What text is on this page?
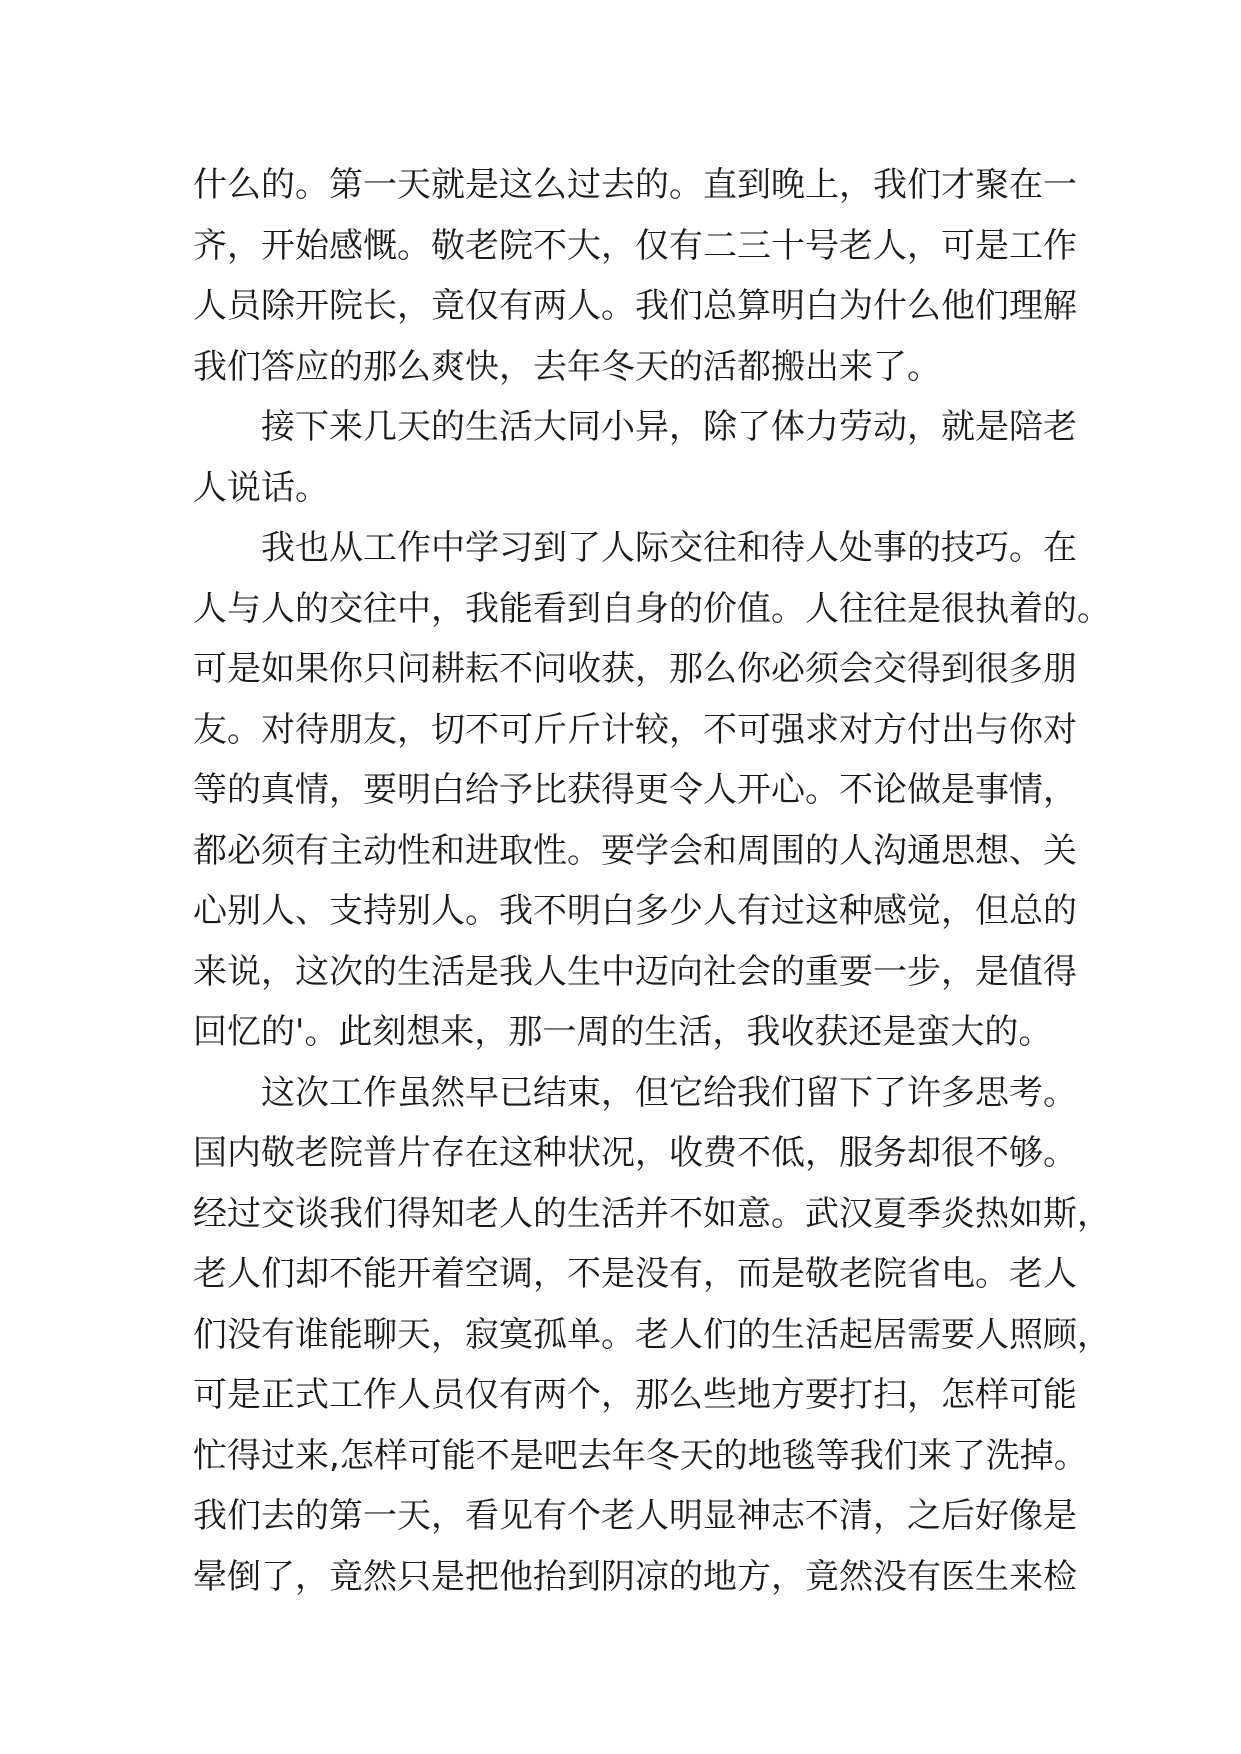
什么的。第一天就是这么过去的。直到晚上，我们才聚在一
齐，开始感慨。敬老院不大，仅有二三十号老人，可是工作
人员除开院长，竟仅有两人。我们总算明白为什么他们理解
我们答应的那么爽快，去年冬天的活都搬出来了。
接下来几天的生活大同小异，除了体力劳动，就是陪老
人说话。
我也从工作中学习到了人际交往和待人处事的技巧。在
人与人的交往中，我能看到自身的价值。人往往是很执着的。
可是如果你只问耕耘不问收获，那么你必须会交得到很多朋
友。对待朋友，切不可斤斤计较，不可强求对方付出与你对
等的真情，要明白给予比获得更令人开心。不论做是事情，
都必须有主动性和进取性。要学会和周围的人沟通思想、关
心别人、支持别人。我不明白多少人有过这种感觉，但总的
来说，这次的生活是我人生中迈向社会的重要一步，是值得
回忆的'。此刻想来，那一周的生活，我收获还是蛮大的。
这次工作虽然早已结束，但它给我们留下了许多思考。
国内敬老院普片存在这种状况，收费不低，服务却很不够。
经过交谈我们得知老人的生活并不如意。武汉夏季炎热如斯，
老人们却不能开着空调，不是没有，而是敬老院省电。老人
们没有谁能聊天，寂寞孤单。老人们的生活起居需要人照顾，
可是正式工作人员仅有两个，那么些地方要打扫，怎样可能
忙得过来,怎样可能不是吧去年冬天的地毯等我们来了洗掉。
我们去的第一天，看见有个老人明显神志不清，之后好像是
晕倒了，竟然只是把他抬到阴凉的地方，竟然没有医生来检
